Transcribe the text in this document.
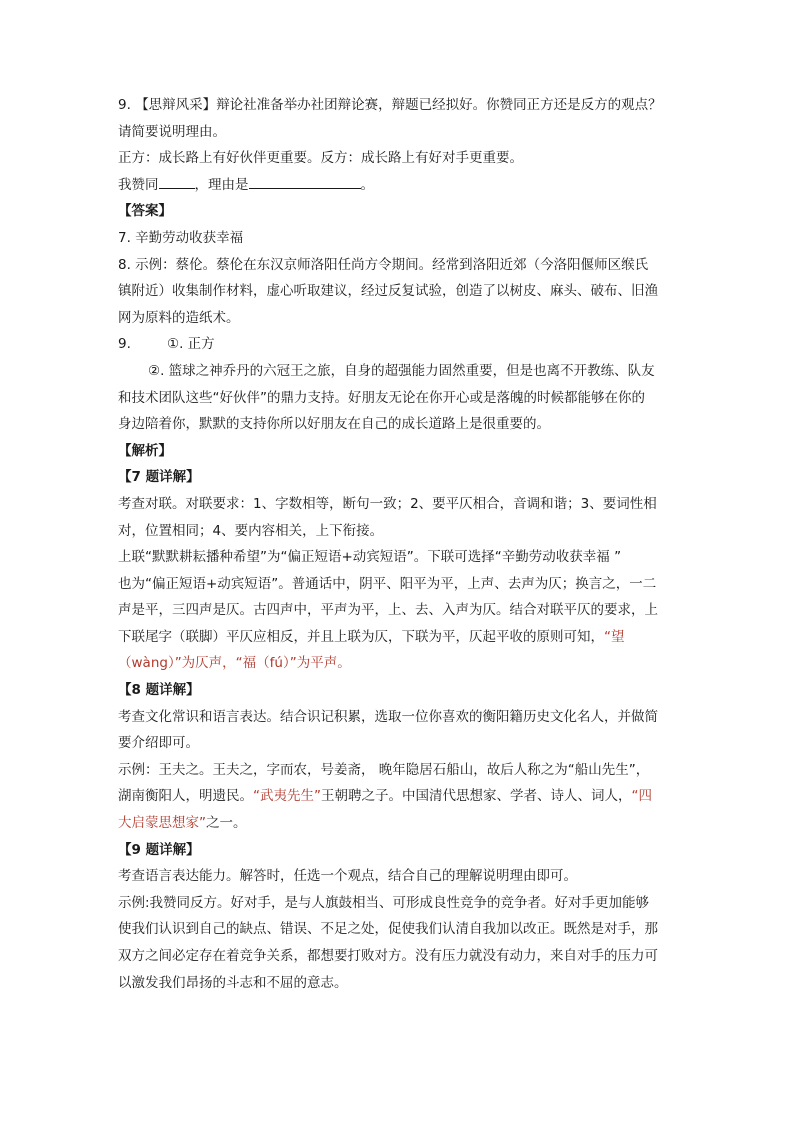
9. 【思辩风采】辩论社准备举办社团辩论赛，辩题已经拟好。你赞同正方还是反方的观点？
请简要说明理由。
正方：成长路上有好伙伴更重要。反方：成长路上有好对手更重要。
我赞同	，理由是	。
【答案】
7. 辛勤劳动收获幸福
8. 示例：蔡伦。蔡伦在东汉京师洛阳任尚方令期间。经常到洛阳近郊（今洛阳偃师区缑氏
镇附近）收集制作材料，虚心听取建议，经过反复试验，创造了以树皮、麻头、破布、旧渔
网为原料的造纸术。
9.	①. 正方
②. 篮球之神乔丹的六冠王之旅，自身的超强能力固然重要，但是也离不开教练、队友
和技术团队这些“好伙伴”的鼎力支持。好朋友无论在你开心或是落魄的时候都能够在你的
身边陪着你，默默的支持你所以好朋友在自己的成长道路上是很重要的。
【解析】
【7 题详解】
考查对联。对联要求：1、字数相等，断句一致；2、要平仄相合，音调和谐；3、要词性相
对，位置相同；4、要内容相关，上下衔接。
上联“默默耕耘播种希望”为“偏正短语+动宾短语”。下联可选择“辛勤劳动收获幸福 ”
也为“偏正短语+动宾短语”。普通话中，阴平、阳平为平，上声、去声为仄；换言之，一二
声是平，三四声是仄。古四声中，平声为平，上、去、入声为仄。结合对联平仄的要求，上
下联尾字（联脚）平仄应相反，并且上联为仄，下联为平，仄起平收的原则可知，“望
（wàng）”为仄声，“福（fú）”为平声。
【8 题详解】
考查文化常识和语言表达。结合识记积累，选取一位你喜欢的衡阳籍历史文化名人，并做简
要介绍即可。
示例：王夫之。王夫之，字而农，号姜斋， 晚年隐居石船山，故后人称之为“船山先生”，
湖南衡阳人，明遗民。“武夷先生”王朝聘之子。中国清代思想家、学者、诗人、词人，“四
大启蒙思想家”之一。
【9 题详解】
考查语言表达能力。解答时，任选一个观点，结合自己的理解说明理由即可。
示例:我赞同反方。好对手，是与人旗鼓相当、可形成良性竞争的竞争者。好对手更加能够
使我们认识到自己的缺点、错误、不足之处，促使我们认清自我加以改正。既然是对手，那
双方之间必定存在着竞争关系，都想要打败对方。没有压力就没有动力，来自对手的压力可
以激发我们昂扬的斗志和不屈的意志。
